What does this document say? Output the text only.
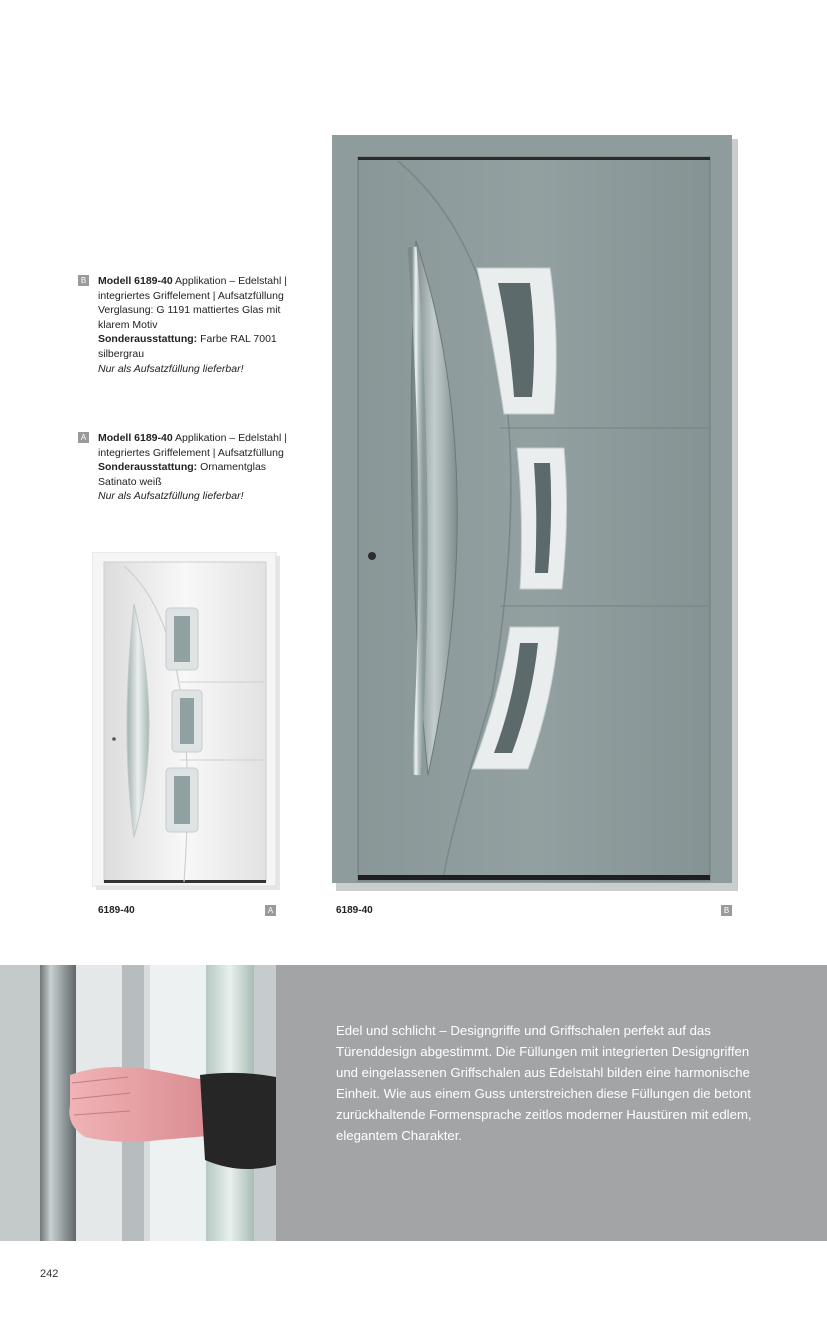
B Modell 6189-40 Applikation – Edelstahl | integriertes Griffelement | Aufsatzfüllung
Verglasung: G 1191 mattiertes Glas mit klarem Motiv
Sonderausstattung: Farbe RAL 7001 silbergrau
Nur als Aufsatzfüllung lieferbar!
A Modell 6189-40 Applikation – Edelstahl | integriertes Griffelement | Aufsatzfüllung
Sonderausstattung: Ornamentglas Satinato weiß
Nur als Aufsatzfüllung lieferbar!
6189-40	A	6189-40	B

Edel und schlicht – Designgriffe und Griffschalen perfekt auf das Türenddesign abgestimmt. Die Füllungen mit integrierten Designgriffen und eingelassenen Griffschalen aus Edelstahl bilden eine harmonische Einheit. Wie aus einem Guss unterstreichen diese Füllungen die betont zurückhaltende Formensprache zeitlos moderner Haustüren mit edlem, elegantem Charakter.

242
